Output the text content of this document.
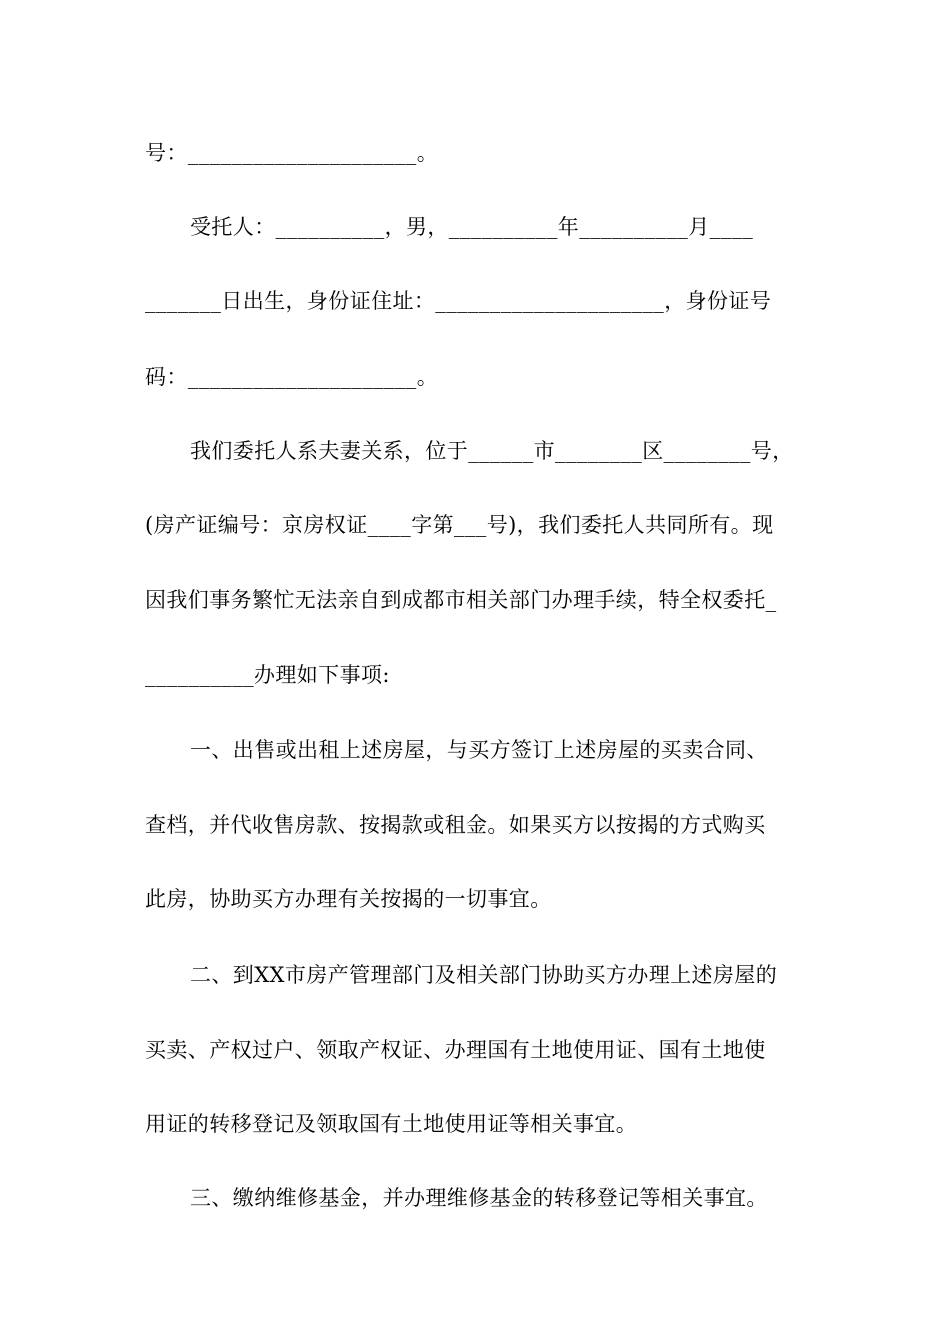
号：_____________________。
受托人：__________，男，__________年__________月____
_______日出生，身份证住址：_____________________，身份证号
码：_____________________。
我们委托人系夫妻关系，位于______市________区________号，
(房产证编号：京房权证____字第___号)，我们委托人共同所有。现
因我们事务繁忙无法亲自到成都市相关部门办理手续，特全权委托_
__________办理如下事项:
一、出售或出租上述房屋，与买方签订上述房屋的买卖合同、
查档，并代收售房款、按揭款或租金。如果买方以按揭的方式购买
此房，协助买方办理有关按揭的一切事宜。
二、到XX市房产管理部门及相关部门协助买方办理上述房屋的
买卖、产权过户、领取产权证、办理国有土地使用证、国有土地使
用证的转移登记及领取国有土地使用证等相关事宜。
三、缴纳维修基金，并办理维修基金的转移登记等相关事宜。
